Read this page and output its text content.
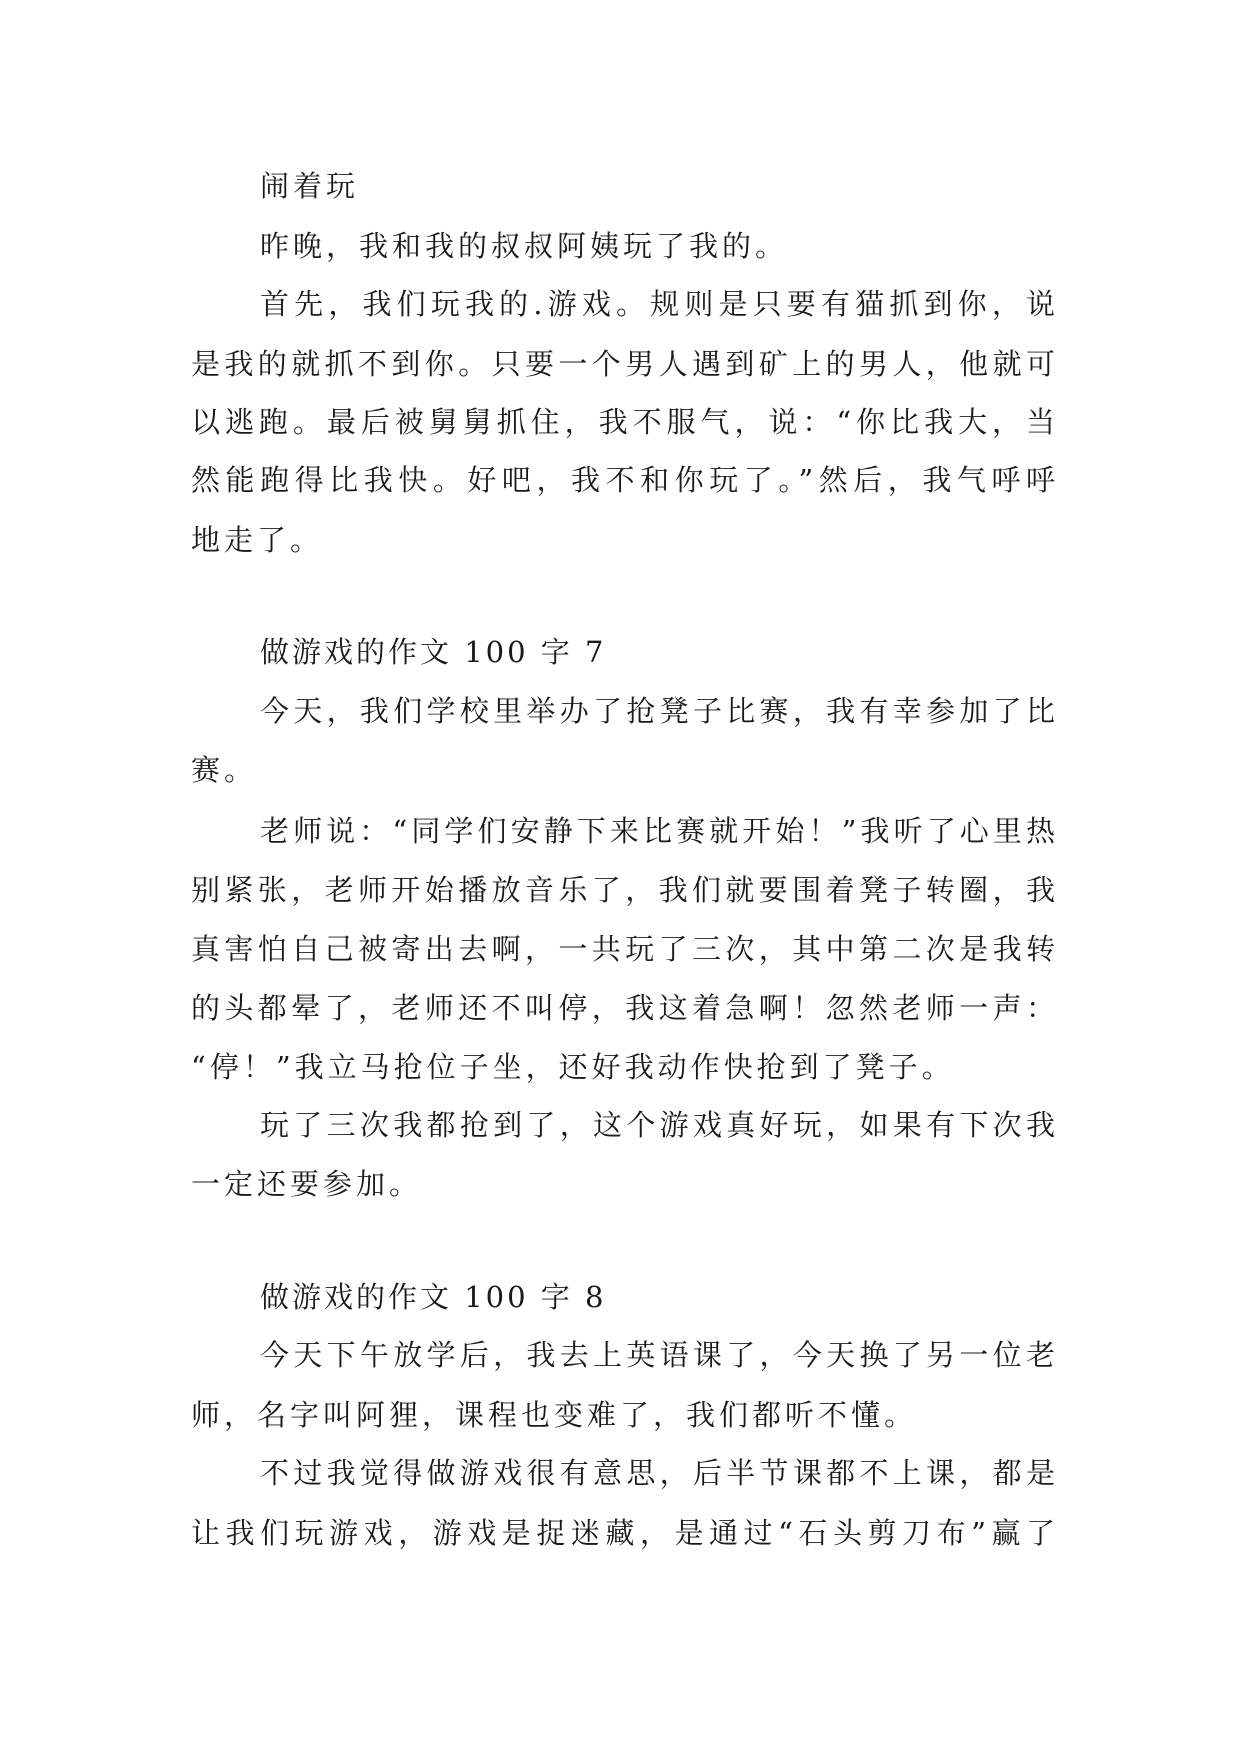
闹着玩
昨晚，我和我的叔叔阿姨玩了我的。
首先，我们玩我的.游戏。规则是只要有猫抓到你，说
是我的就抓不到你。只要一个男人遇到矿上的男人，他就可
以逃跑。最后被舅舅抓住，我不服气，说：“你比我大，当
然能跑得比我快。好吧，我不和你玩了。”然后，我气呼呼
地走了。
做游戏的作文 100 字 7
今天，我们学校里举办了抢凳子比赛，我有幸参加了比
赛。
老师说：“同学们安静下来比赛就开始！”我听了心里热
别紧张，老师开始播放音乐了，我们就要围着凳子转圈，我
真害怕自己被寄出去啊，一共玩了三次，其中第二次是我转
的头都晕了，老师还不叫停，我这着急啊！忽然老师一声：
“停！”我立马抢位子坐，还好我动作快抢到了凳子。
玩了三次我都抢到了，这个游戏真好玩，如果有下次我
一定还要参加。
做游戏的作文 100 字 8
今天下午放学后，我去上英语课了，今天换了另一位老
师，名字叫阿狸，课程也变难了，我们都听不懂。
不过我觉得做游戏很有意思，后半节课都不上课，都是
让我们玩游戏，游戏是捉迷藏，是通过“石头剪刀布”赢了
